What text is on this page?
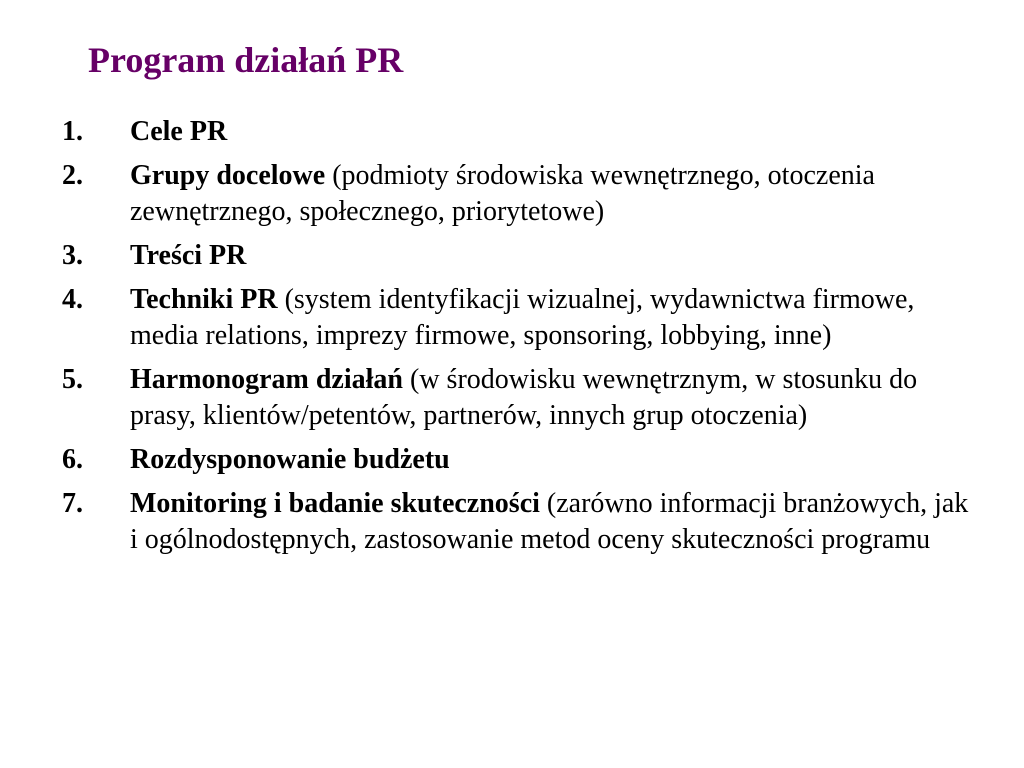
Program działań PR
1.	Cele PR
2.	Grupy docelowe (podmioty środowiska wewnętrznego, otoczenia zewnętrznego, społecznego, priorytetowe)
3.	Treści PR
4.	Techniki PR (system identyfikacji wizualnej, wydawnictwa firmowe, media relations, imprezy firmowe, sponsoring, lobbying, inne)
5.	Harmonogram działań (w środowisku wewnętrznym, w stosunku do prasy, klientów/petentów, partnerów, innych grup otoczenia)
6.	Rozdysponowanie budżetu
7.	Monitoring i badanie skuteczności (zarówno informacji branżowych, jak i ogólnodostępnych, zastosowanie metod oceny skuteczności programu
